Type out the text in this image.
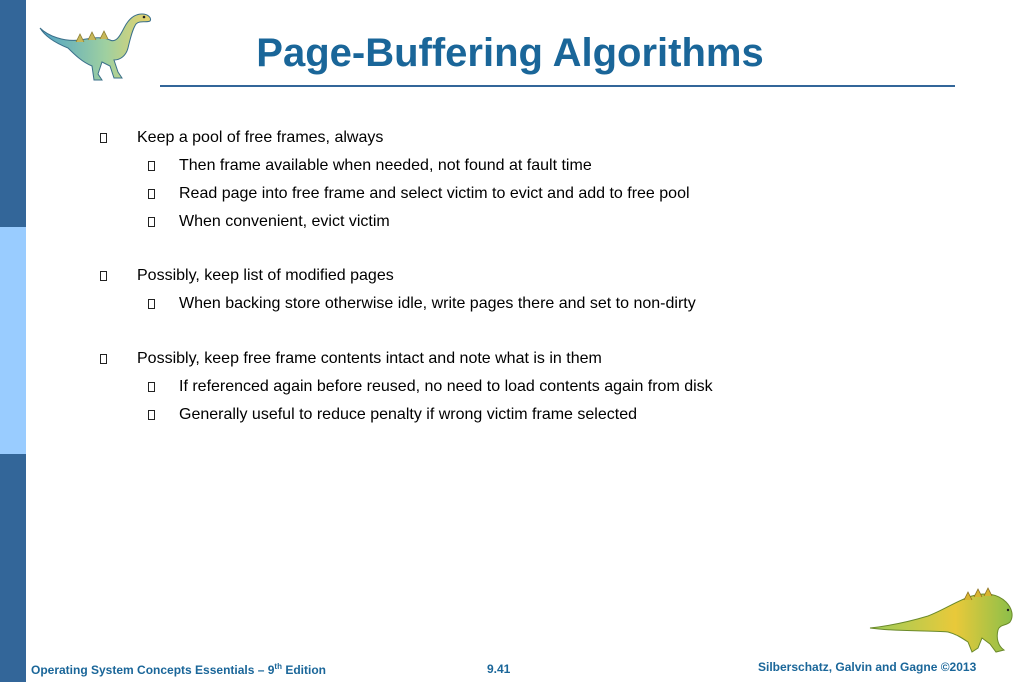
Page-Buffering Algorithms
Keep a pool of free frames, always
Then frame available when needed, not found at fault time
Read page into free frame and select victim to evict and add to free pool
When convenient, evict victim
Possibly, keep list of modified pages
When backing store otherwise idle, write pages there and set to non-dirty
Possibly, keep free frame contents intact and note what is in them
If referenced again before reused, no need to load contents again from disk
Generally useful to reduce penalty if wrong victim frame selected
Operating System Concepts Essentials – 9th Edition	9.41	Silberschatz, Galvin and Gagne ©2013
